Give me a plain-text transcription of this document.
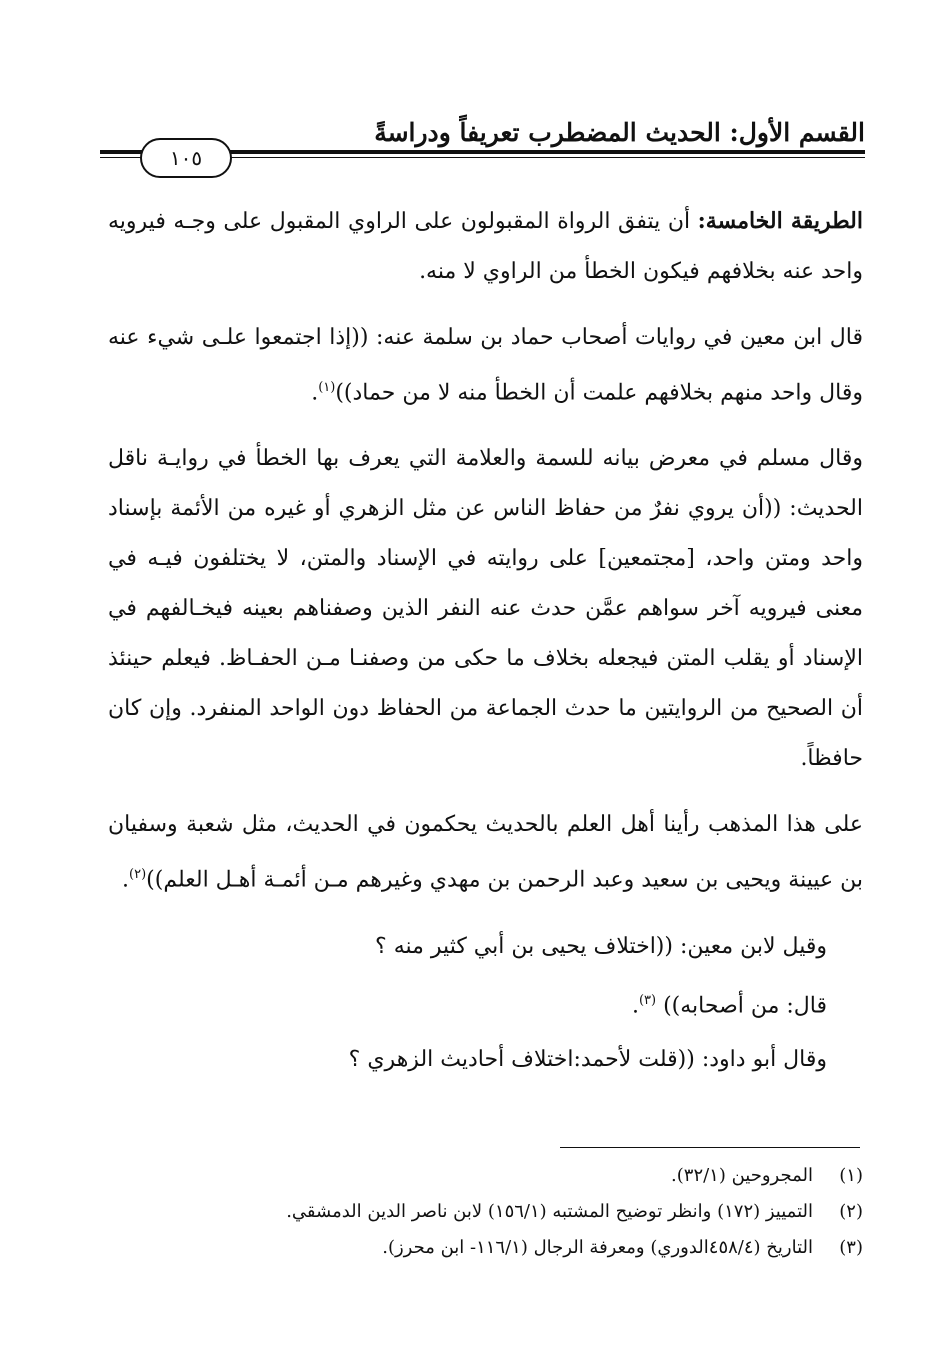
القسم الأول: الحديث المضطرب تعريفاً ودراسةً
١٠٥

الطريقة الخامسة: أن يتفق الرواة المقبولون على الراوي المقبول على وجـه فيرويه واحد عنه بخلافهم فيكون الخطأ من الراوي لا منه.

قال ابن معين في روايات أصحاب حماد بن سلمة عنه: ((إذا اجتمعوا علـى شيء عنه وقال واحد منهم بخلافهم علمت أن الخطأ منه لا من حماد))$^{(١)}$.

وقال مسلم في معرض بيانه للسمة والعلامة التي يعرف بها الخطأ في روايـة ناقل الحديث: ((أن يروي نفرٌ من حفاظ الناس عن مثل الزهري أو غيره من الأئمة بإسناد واحد ومتن واحد، [مجتمعين] على روايته في الإسناد والمتن، لا يختلفون فيـه في معنى فيرويه آخر سواهم عمَّن حدث عنه النفر الذين وصفناهم بعينه فيخـالفهم في الإسناد أو يقلب المتن فيجعله بخلاف ما حكى من وصفنـا مـن الحفـاظ. فيعلم حينئذ أن الصحيح من الروايتين ما حدث الجماعة من الحفاظ دون الواحد المنفرد. وإن كان حافظاً.

على هذا المذهب رأينا أهل العلم بالحديث يحكمون في الحديث، مثل شعبة وسفيان بن عيينة ويحيى بن سعيد وعبد الرحمن بن مهدي وغيرهم مـن أئمـة أهـل العلم))$^{(٢)}$.

وقيل لابن معين: ((اختلاف يحيى بن أبي كثير منه ؟

قال: من أصحابه)) $^{(٣)}$.

وقال أبو داود: ((قلت لأحمد:اختلاف أحاديث الزهري ؟

(١)المجروحين (٣٢/١).
(٢)التمييز (١٧٢) وانظر توضيح المشتبه (١٥٦/١) لابن ناصر الدين الدمشقي.
(٣)التاريخ (٤٥٨/٤الدوري) ومعرفة الرجال (١١٦/١- ابن محرز).
